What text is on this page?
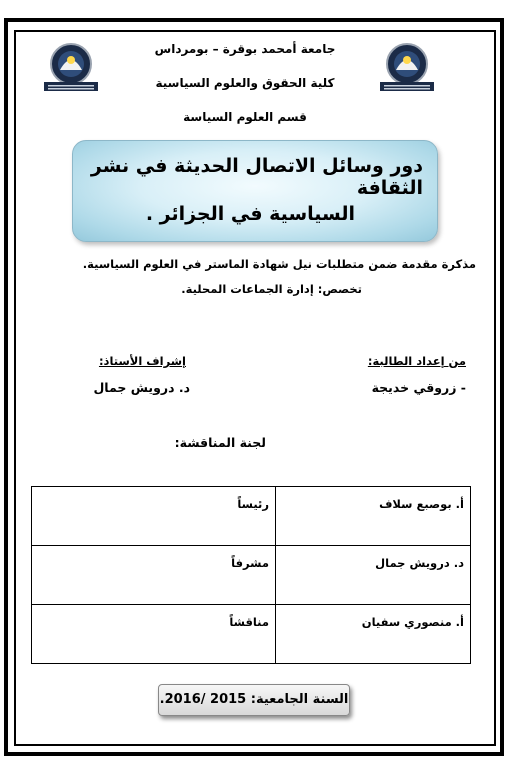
جامعة أمحمد بوقرة – بومرداس
كلية الحقوق والعلوم السياسية
قسم العلوم السياسة
دور وسائل الاتصال الحديثة في نشر الثقافة
السياسية في الجزائر .
مذكرة مقدمة ضمن متطلبات نيل شهادة الماستر في العلوم السياسية.
تخصص: إدارة الجماعات المحلية.
من إعداد الطالبة:
إشراف الأستاذ:
- زروقي خديجة
د. درويش جمال
لجنة المناقشة:
أ. بوصبع سلاف	رئيساً
د. درويش جمال	مشرفاً
أ. منصوري سفيان	مناقشاً
السنة الجامعية: 2015 /2016.
